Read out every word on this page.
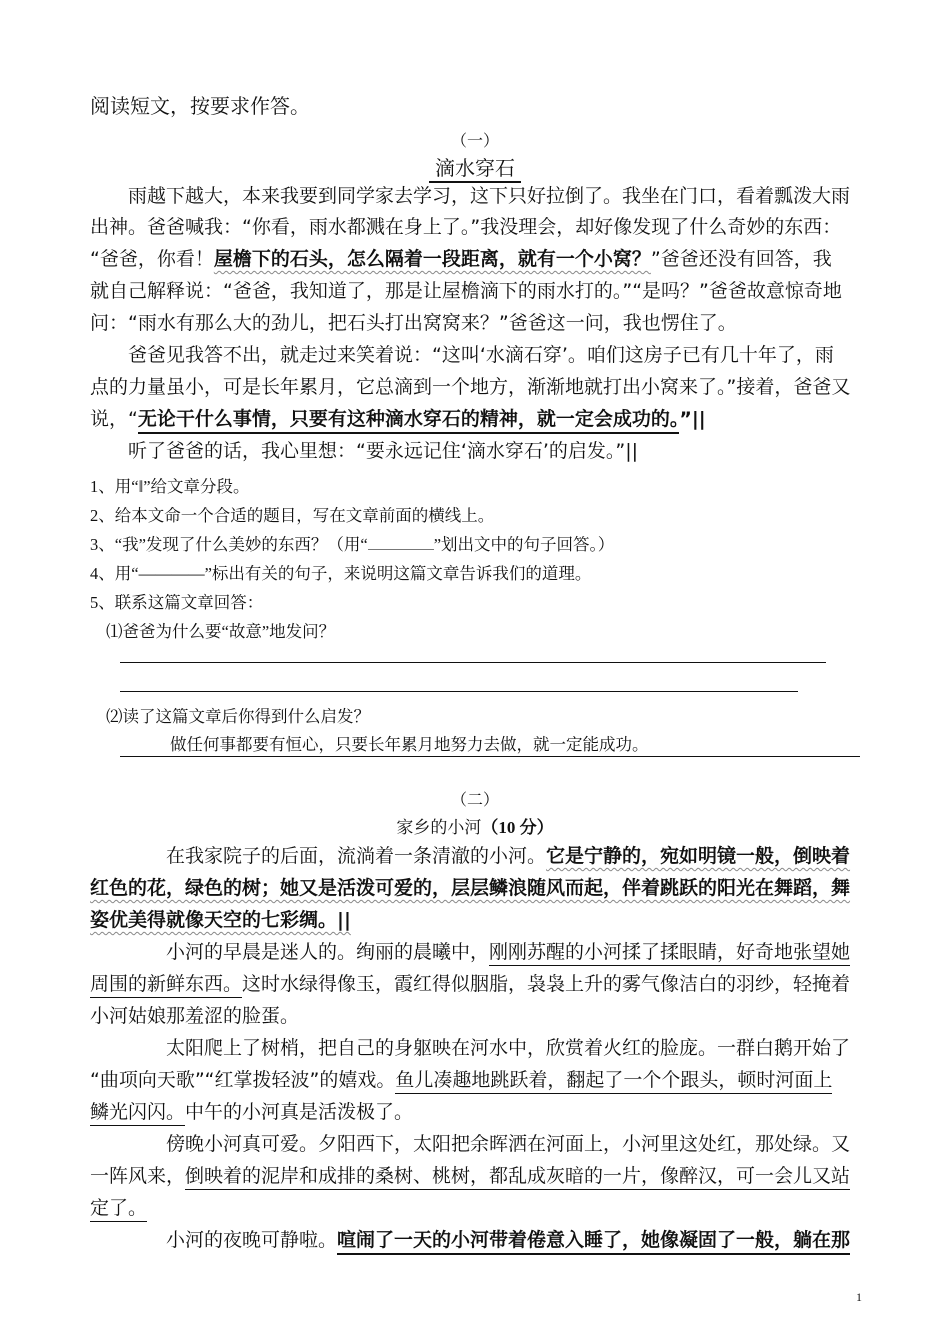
阅读短文，按要求作答。
（一）
滴水穿石
雨越下越大，本来我要到同学家去学习，这下只好拉倒了。我坐在门口，看着瓢泼大雨
出神。爸爸喊我：“你看，雨水都溅在身上了。”我没理会，却好像发现了什么奇妙的东西：
“爸爸，你看！屋檐下的石头，怎么隔着一段距离，就有一个小窝？”爸爸还没有回答，我
就自己解释说：“爸爸，我知道了，那是让屋檐滴下的雨水打的。”“是吗？”爸爸故意惊奇地
问：“雨水有那么大的劲儿，把石头打出窝窝来？”爸爸这一问，我也愣住了。
爸爸见我答不出，就走过来笑着说：“这叫‘水滴石穿’。咱们这房子已有几十年了，雨
点的力量虽小，可是长年累月，它总滴到一个地方，渐渐地就打出小窝来了。”接着，爸爸又
说，“无论干什么事情，只要有这种滴水穿石的精神，就一定会成功的。”||
听了爸爸的话，我心里想：“要永远记住‘滴水穿石’的启发。”||
1、用“‖”给文章分段。
2、给本文命一个合适的题目，写在文章前面的横线上。
3、“我”发现了什么美妙的东西？（用“	”划出文中的句子回答。）
4、用“————”标出有关的句子，来说明这篇文章告诉我们的道理。
5、联系这篇文章回答：
⑴爸爸为什么要“故意”地发问？
⑵读了这篇文章后你得到什么启发？
做任何事都要有恒心，只要长年累月地努力去做，就一定能成功。
（二）
家乡的小河（10 分）
在我家院子的后面，流淌着一条清澈的小河。它是宁静的，宛如明镜一般，倒映着
红色的花，绿色的树；她又是活泼可爱的，层层鳞浪随风而起，伴着跳跃的阳光在舞蹈，舞
姿优美得就像天空的七彩绸。||
小河的早晨是迷人的。绚丽的晨曦中，刚刚苏醒的小河揉了揉眼睛，好奇地张望她
周围的新鲜东西。这时水绿得像玉，霞红得似胭脂，袅袅上升的雾气像洁白的羽纱，轻掩着
小河姑娘那羞涩的脸蛋。
太阳爬上了树梢，把自己的身躯映在河水中，欣赏着火红的脸庞。一群白鹅开始了
“曲项向天歌”“红掌拨轻波”的嬉戏。鱼儿凑趣地跳跃着，翻起了一个个跟头，顿时河面上
鳞光闪闪。中午的小河真是活泼极了。
傍晚小河真可爱。夕阳西下，太阳把余晖洒在河面上，小河里这处红，那处绿。又
一阵风来，倒映着的泥岸和成排的桑树、桃树，都乱成灰暗的一片，像醉汉，可一会儿又站
定了。
小河的夜晚可静啦。喧闹了一天的小河带着倦意入睡了，她像凝固了一般，躺在那
1
